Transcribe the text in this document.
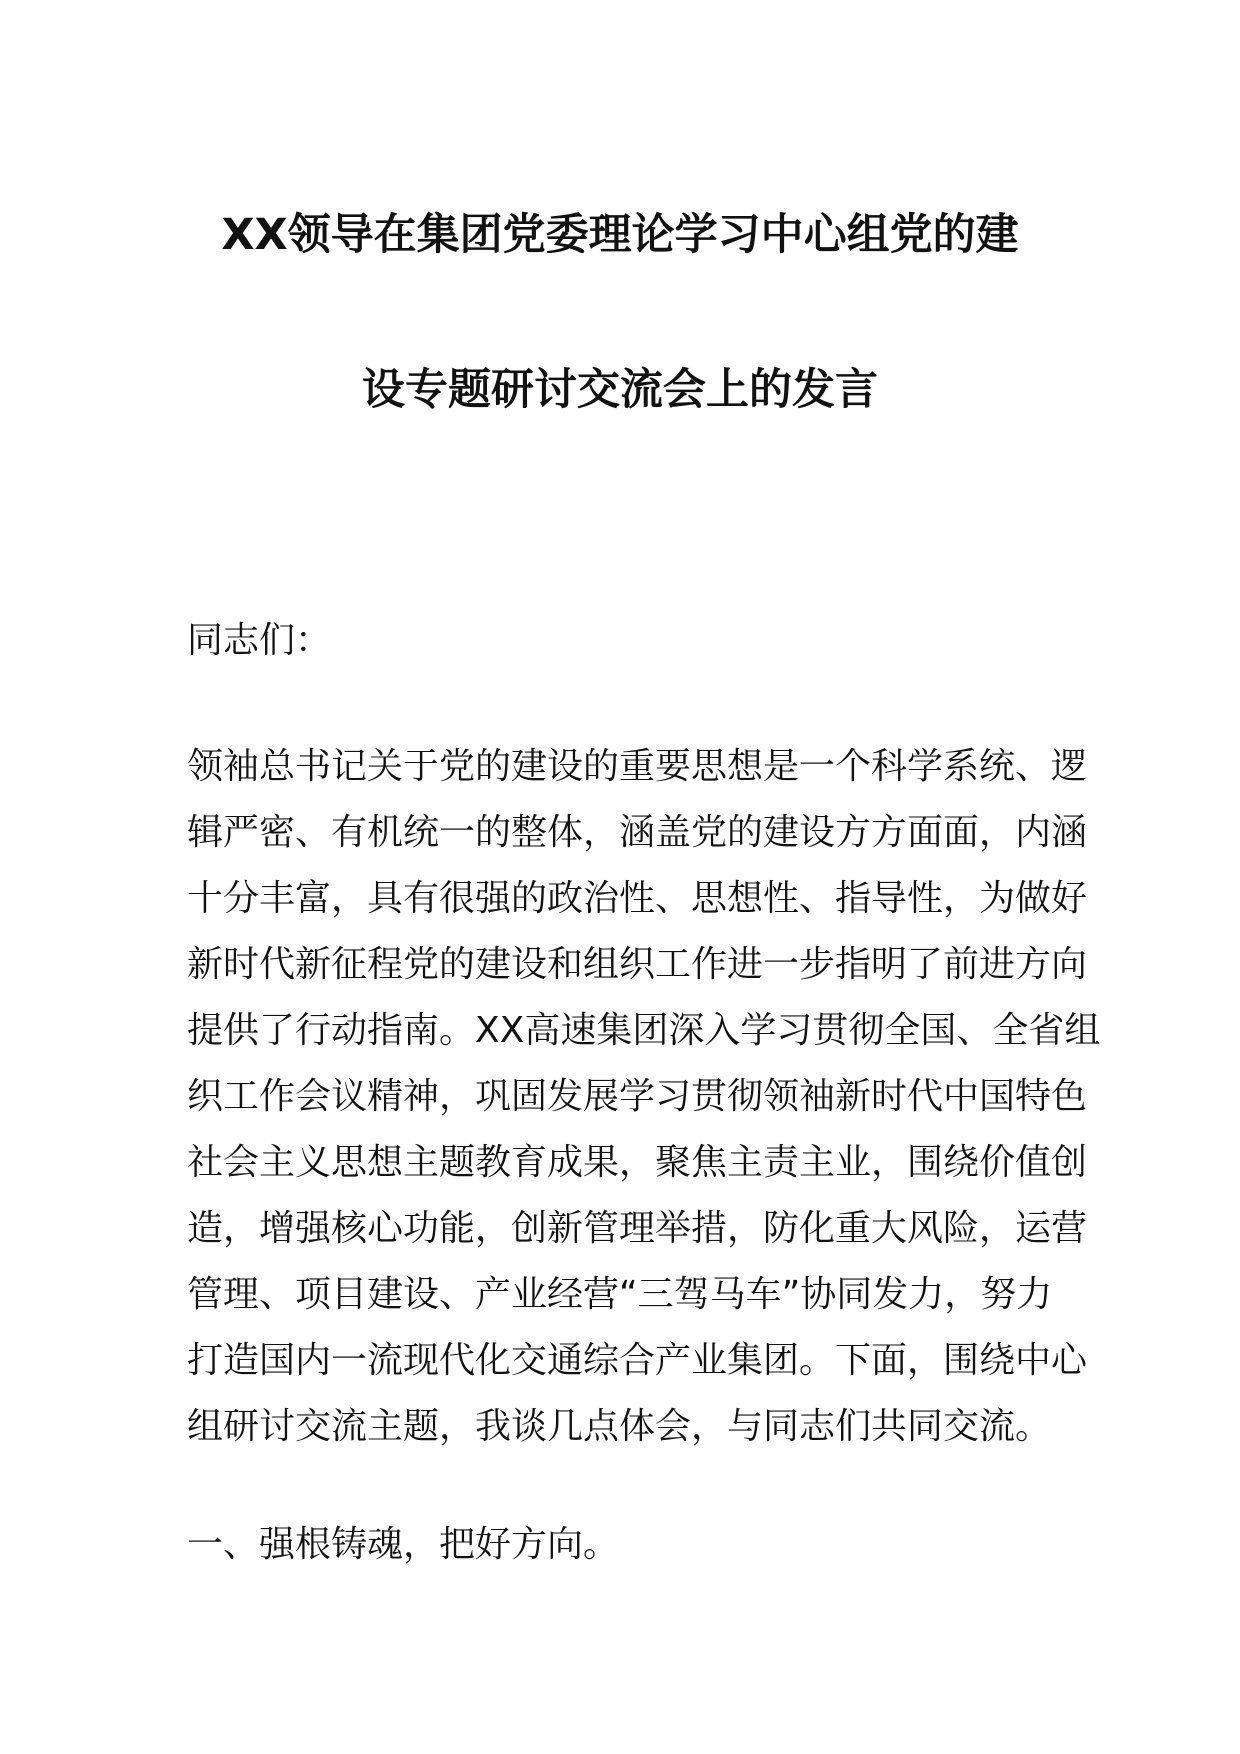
XX领导在集团党委理论学习中心组党的建
设专题研讨交流会上的发言
同志们：
领袖总书记关于党的建设的重要思想是一个科学系统、逻
辑严密、有机统一的整体，涵盖党的建设方方面面，内涵
十分丰富，具有很强的政治性、思想性、指导性，为做好
新时代新征程党的建设和组织工作进一步指明了前进方向
提供了行动指南。XX高速集团深入学习贯彻全国、全省组
织工作会议精神，巩固发展学习贯彻领袖新时代中国特色
社会主义思想主题教育成果，聚焦主责主业，围绕价值创
造，增强核心功能，创新管理举措，防化重大风险，运营
管理、项目建设、产业经营“三驾马车”协同发力，努力
打造国内一流现代化交通综合产业集团。下面，围绕中心
组研讨交流主题，我谈几点体会，与同志们共同交流。
一、强根铸魂，把好方向。
